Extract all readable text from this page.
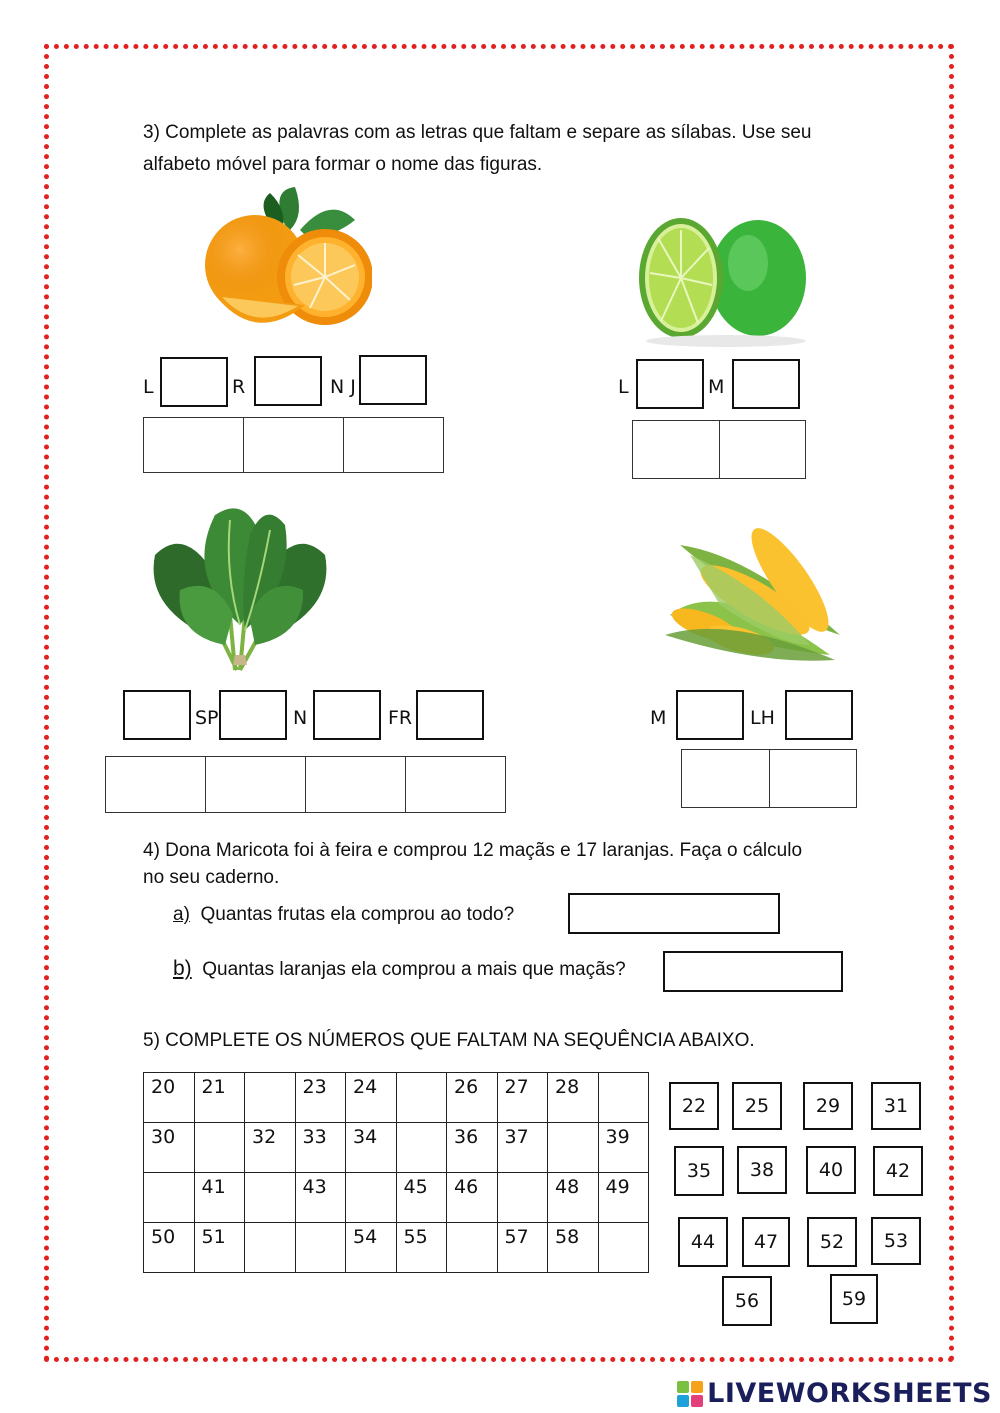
3) Complete as palavras com as letras que faltam e separe as sílabas. Use seu
alfabeto móvel para formar o nome das figuras.
L	R	N J	L	M
SP	N	FR	M	LH
4) Dona Maricota foi à feira e comprou 12 maçãs e 17 laranjas. Faça o cálculo
no seu caderno.
a) Quantas frutas ela comprou ao todo?
b) Quantas laranjas ela comprou a mais que maçãs?
5) COMPLETE OS NÚMEROS QUE FALTAM NA SEQUÊNCIA ABAIXO.
20	21		23	24		26	27	28	
30		32	33	34		36	37		39
	41		43		45	46		48	49
50	51			54	55		57	58	
22	25	29	31
35	38	40	42
44	47	52	53
56	59
LIVEWORKSHEETS
